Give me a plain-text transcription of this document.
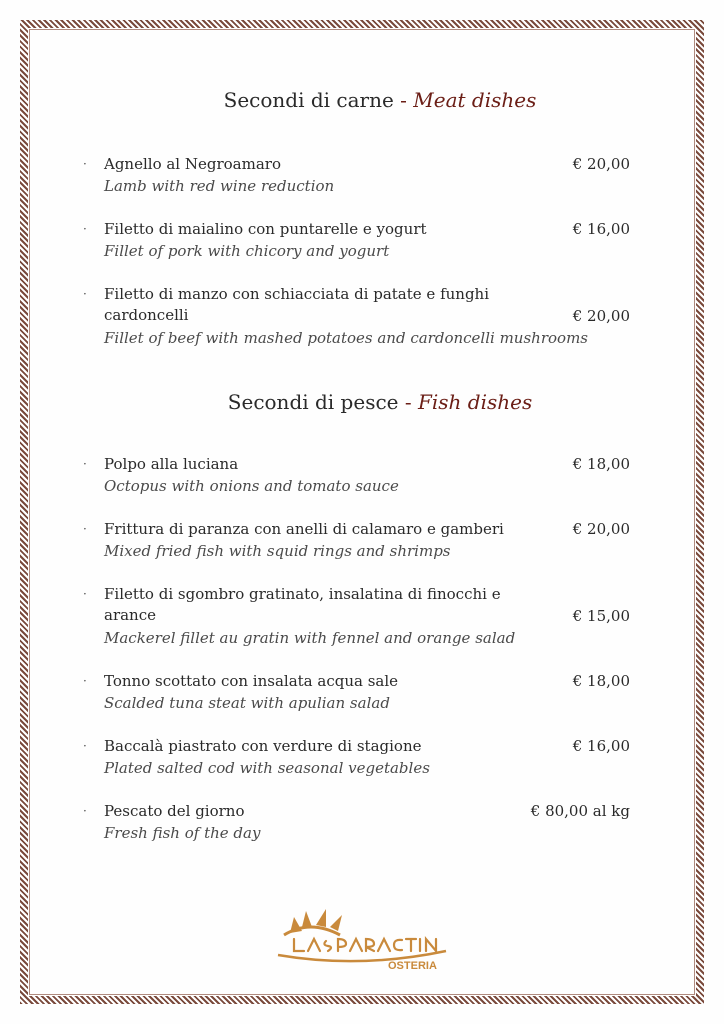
Secondi di carne - Meat dishes
· Agnello al Negroamaro
Lamb with red wine reduction
€ 20,00
· Filetto di maialino con puntarelle e yogurt
Fillet of pork with chicory and yogurt
€ 16,00
· Filetto di manzo con schiacciata di patate e funghi cardoncelli
Fillet of beef with mashed potatoes and cardoncelli mushrooms
€ 20,00
Secondi di pesce - Fish dishes
· Polpo alla luciana
Octopus with onions and tomato sauce
€ 18,00
· Frittura di paranza con anelli di calamaro e gamberi
Mixed fried fish with squid rings and shrimps
€ 20,00
· Filetto di sgombro gratinato, insalatina di finocchi e arance
Mackerel fillet au gratin with fennel and orange salad
€ 15,00
· Tonno scottato con insalata acqua sale
Scalded tuna steat with apulian salad
€ 18,00
· Baccalà piastrato con verdure di stagione
Plated salted cod with seasonal vegetables
€ 16,00
· Pescato del giorno
Fresh fish of the day
€ 80,00 al kg
OSTERIA
